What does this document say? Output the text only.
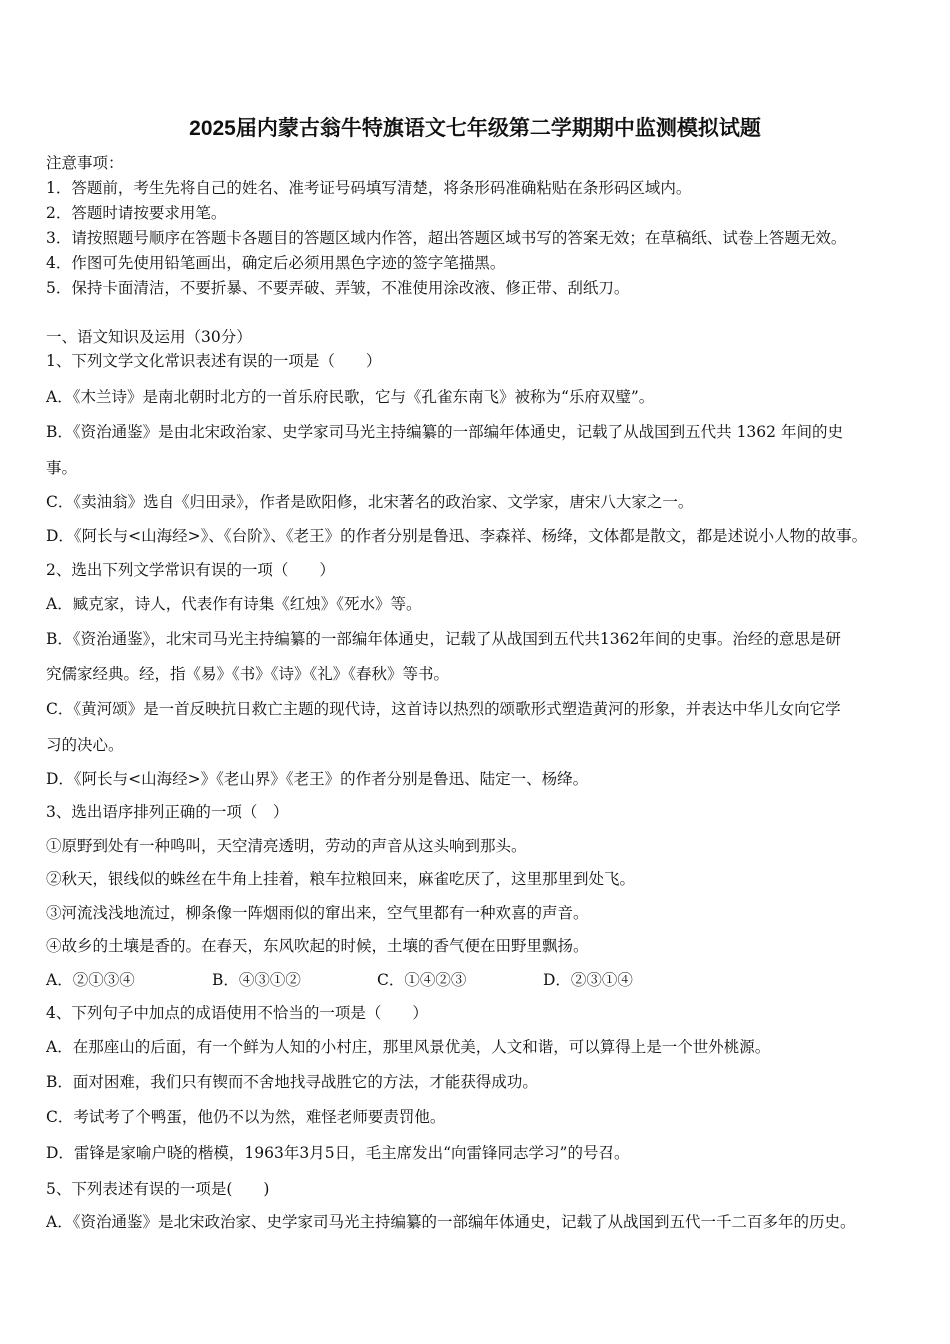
2025届内蒙古翁牛特旗语文七年级第二学期期中监测模拟试题
注意事项：
1．答题前，考生先将自己的姓名、准考证号码填写清楚，将条形码准确粘贴在条形码区域内。
2．答题时请按要求用笔。
3．请按照题号顺序在答题卡各题目的答题区域内作答，超出答题区域书写的答案无效；在草稿纸、试卷上答题无效。
4．作图可先使用铅笔画出，确定后必须用黑色字迹的签字笔描黑。
5．保持卡面清洁，不要折暴、不要弄破、弄皱，不准使用涂改液、修正带、刮纸刀。
一、语文知识及运用（30分）
1、下列文学文化常识表述有误的一项是（　　）
A．《木兰诗》是南北朝时北方的一首乐府民歌，它与《孔雀东南飞》被称为“乐府双璧”。
B．《资治通鉴》是由北宋政治家、史学家司马光主持编纂的一部编年体通史，记载了从战国到五代共 1362 年间的史
事。
C．《卖油翁》选自《归田录》，作者是欧阳修，北宋著名的政治家、文学家，唐宋八大家之一。
D．《阿长与<山海经>》、《台阶》、《老王》的作者分别是鲁迅、李森祥、杨绛，文体都是散文，都是述说小人物的故事。
2、选出下列文学常识有误的一项（　　）
A．臧克家，诗人，代表作有诗集《红烛》《死水》等。
B．《资治通鉴》，北宋司马光主持编纂的一部编年体通史，记载了从战国到五代共1362年间的史事。治经的意思是研
究儒家经典。经，指《易》《书》《诗》《礼》《春秋》等书。
C．《黄河颂》是一首反映抗日救亡主题的现代诗，这首诗以热烈的颂歌形式塑造黄河的形象，并表达中华儿女向它学
习的决心。
D．《阿长与<山海经>》《老山界》《老王》的作者分别是鲁迅、陆定一、杨绛。
3、选出语序排列正确的一项（　）
①原野到处有一种鸣叫，天空清亮透明，劳动的声音从这头响到那头。
②秋天，银线似的蛛丝在牛角上挂着，粮车拉粮回来，麻雀吃厌了，这里那里到处飞。
③河流浅浅地流过，柳条像一阵烟雨似的窜出来，空气里都有一种欢喜的声音。
④故乡的土壤是香的。在春天，东风吹起的时候，土壤的香气便在田野里飘扬。
A．②①③④	B．④③①②	C．①④②③	D．②③①④
4、下列句子中加点的成语使用不恰当的一项是（　　）
A．在那座山的后面，有一个鲜为人知的小村庄，那里风景优美，人文和谐，可以算得上是一个世外桃源。
B．面对困难，我们只有锲而不舍地找寻战胜它的方法，才能获得成功。
C．考试考了个鸭蛋，他仍不以为然，难怪老师要责罚他。
D．雷锋是家喻户晓的楷模，1963年3月5日，毛主席发出“向雷锋同志学习”的号召。
5、下列表述有误的一项是(　　)
A．《资治通鉴》是北宋政治家、史学家司马光主持编纂的一部编年体通史，记载了从战国到五代一千二百多年的历史。
